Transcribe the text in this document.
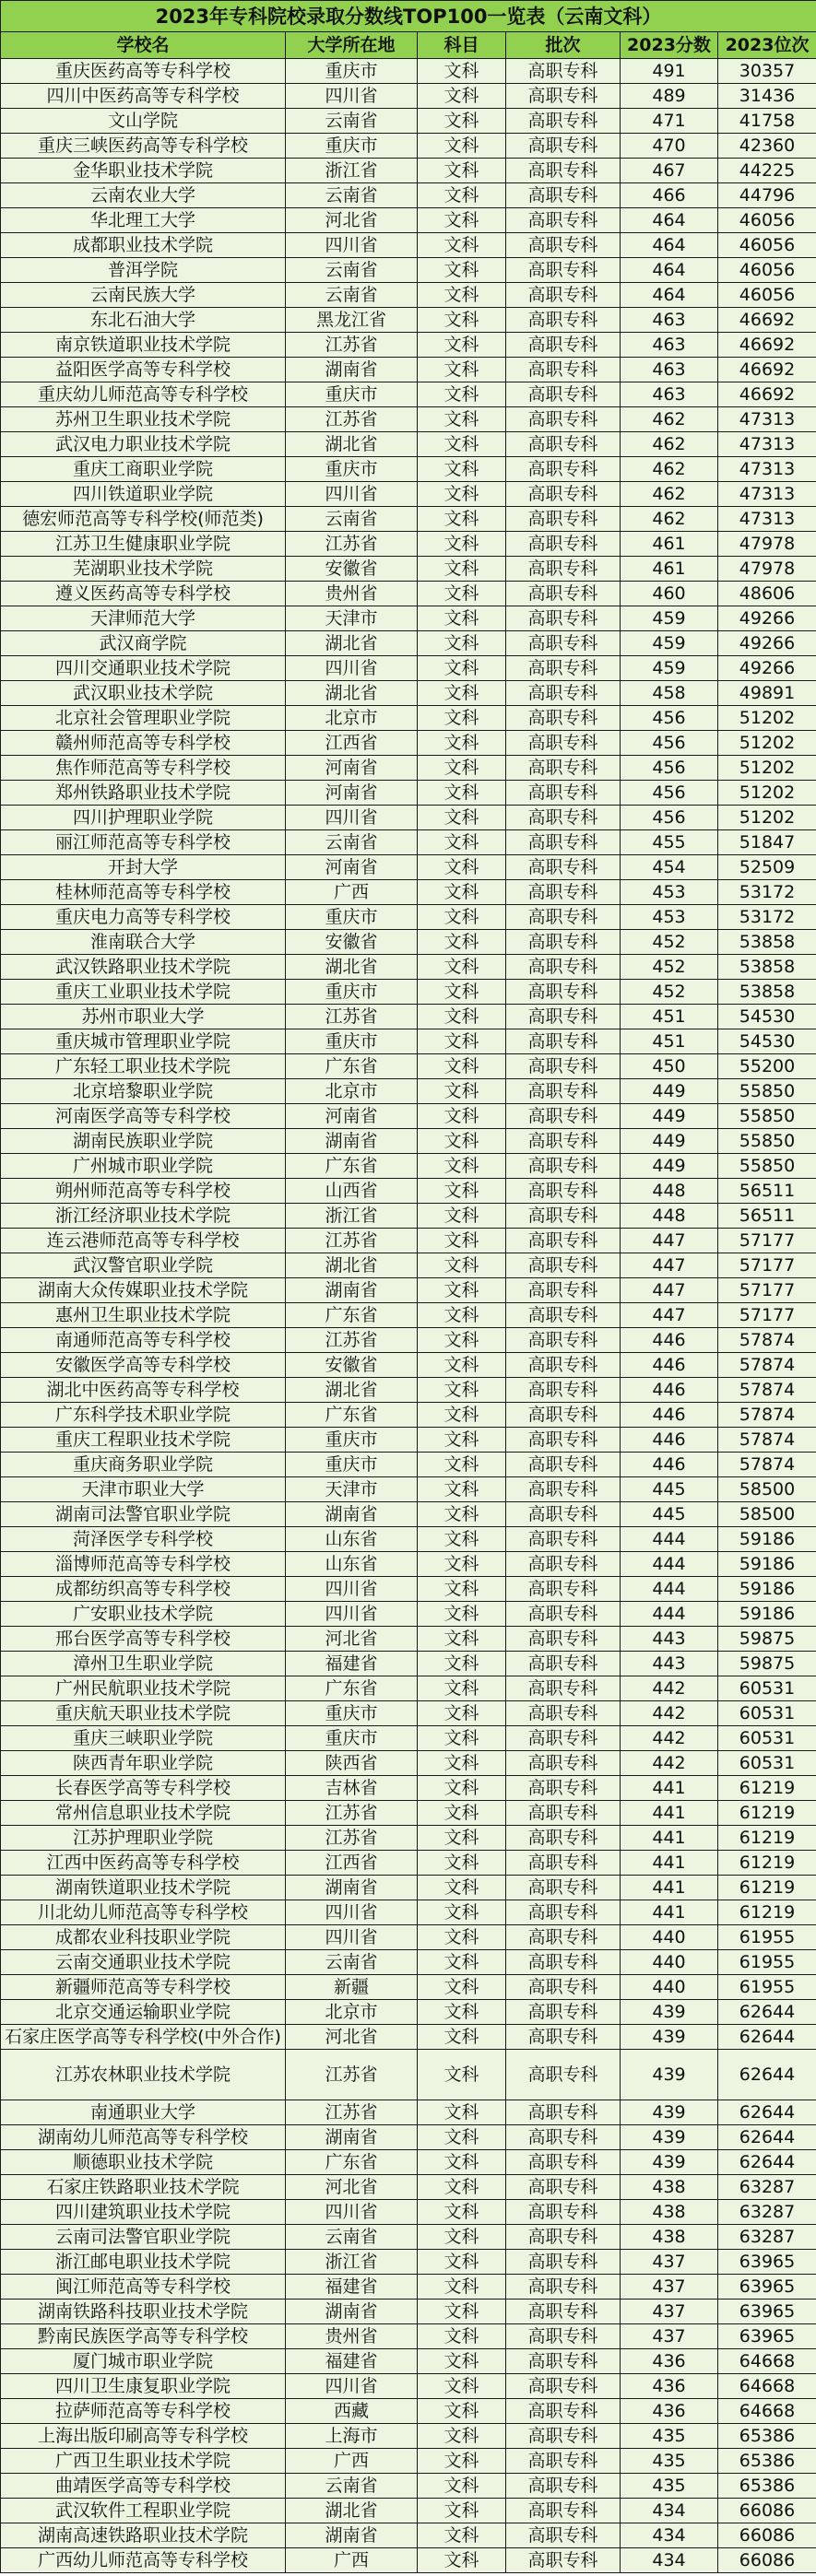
2023年专科院校录取分数线TOP100一览表（云南文科）					
学校名	大学所在地	科目	批次	2023分数	2023位次
重庆医药高等专科学校	重庆市	文科	高职专科	491	30357
四川中医药高等专科学校	四川省	文科	高职专科	489	31436
文山学院	云南省	文科	高职专科	471	41758
重庆三峡医药高等专科学校	重庆市	文科	高职专科	470	42360
金华职业技术学院	浙江省	文科	高职专科	467	44225
云南农业大学	云南省	文科	高职专科	466	44796
华北理工大学	河北省	文科	高职专科	464	46056
成都职业技术学院	四川省	文科	高职专科	464	46056
普洱学院	云南省	文科	高职专科	464	46056
云南民族大学	云南省	文科	高职专科	464	46056
东北石油大学	黑龙江省	文科	高职专科	463	46692
南京铁道职业技术学院	江苏省	文科	高职专科	463	46692
益阳医学高等专科学校	湖南省	文科	高职专科	463	46692
重庆幼儿师范高等专科学校	重庆市	文科	高职专科	463	46692
苏州卫生职业技术学院	江苏省	文科	高职专科	462	47313
武汉电力职业技术学院	湖北省	文科	高职专科	462	47313
重庆工商职业学院	重庆市	文科	高职专科	462	47313
四川铁道职业学院	四川省	文科	高职专科	462	47313
德宏师范高等专科学校(师范类)	云南省	文科	高职专科	462	47313
江苏卫生健康职业学院	江苏省	文科	高职专科	461	47978
芜湖职业技术学院	安徽省	文科	高职专科	461	47978
遵义医药高等专科学校	贵州省	文科	高职专科	460	48606
天津师范大学	天津市	文科	高职专科	459	49266
武汉商学院	湖北省	文科	高职专科	459	49266
四川交通职业技术学院	四川省	文科	高职专科	459	49266
武汉职业技术学院	湖北省	文科	高职专科	458	49891
北京社会管理职业学院	北京市	文科	高职专科	456	51202
赣州师范高等专科学校	江西省	文科	高职专科	456	51202
焦作师范高等专科学校	河南省	文科	高职专科	456	51202
郑州铁路职业技术学院	河南省	文科	高职专科	456	51202
四川护理职业学院	四川省	文科	高职专科	456	51202
丽江师范高等专科学校	云南省	文科	高职专科	455	51847
开封大学	河南省	文科	高职专科	454	52509
桂林师范高等专科学校	广西	文科	高职专科	453	53172
重庆电力高等专科学校	重庆市	文科	高职专科	453	53172
淮南联合大学	安徽省	文科	高职专科	452	53858
武汉铁路职业技术学院	湖北省	文科	高职专科	452	53858
重庆工业职业技术学院	重庆市	文科	高职专科	452	53858
苏州市职业大学	江苏省	文科	高职专科	451	54530
重庆城市管理职业学院	重庆市	文科	高职专科	451	54530
广东轻工职业技术学院	广东省	文科	高职专科	450	55200
北京培黎职业学院	北京市	文科	高职专科	449	55850
河南医学高等专科学校	河南省	文科	高职专科	449	55850
湖南民族职业学院	湖南省	文科	高职专科	449	55850
广州城市职业学院	广东省	文科	高职专科	449	55850
朔州师范高等专科学校	山西省	文科	高职专科	448	56511
浙江经济职业技术学院	浙江省	文科	高职专科	448	56511
连云港师范高等专科学校	江苏省	文科	高职专科	447	57177
武汉警官职业学院	湖北省	文科	高职专科	447	57177
湖南大众传媒职业技术学院	湖南省	文科	高职专科	447	57177
惠州卫生职业技术学院	广东省	文科	高职专科	447	57177
南通师范高等专科学校	江苏省	文科	高职专科	446	57874
安徽医学高等专科学校	安徽省	文科	高职专科	446	57874
湖北中医药高等专科学校	湖北省	文科	高职专科	446	57874
广东科学技术职业学院	广东省	文科	高职专科	446	57874
重庆工程职业技术学院	重庆市	文科	高职专科	446	57874
重庆商务职业学院	重庆市	文科	高职专科	446	57874
天津市职业大学	天津市	文科	高职专科	445	58500
湖南司法警官职业学院	湖南省	文科	高职专科	445	58500
菏泽医学专科学校	山东省	文科	高职专科	444	59186
淄博师范高等专科学校	山东省	文科	高职专科	444	59186
成都纺织高等专科学校	四川省	文科	高职专科	444	59186
广安职业技术学院	四川省	文科	高职专科	444	59186
邢台医学高等专科学校	河北省	文科	高职专科	443	59875
漳州卫生职业学院	福建省	文科	高职专科	443	59875
广州民航职业技术学院	广东省	文科	高职专科	442	60531
重庆航天职业技术学院	重庆市	文科	高职专科	442	60531
重庆三峡职业学院	重庆市	文科	高职专科	442	60531
陕西青年职业学院	陕西省	文科	高职专科	442	60531
长春医学高等专科学校	吉林省	文科	高职专科	441	61219
常州信息职业技术学院	江苏省	文科	高职专科	441	61219
江苏护理职业学院	江苏省	文科	高职专科	441	61219
江西中医药高等专科学校	江西省	文科	高职专科	441	61219
湖南铁道职业技术学院	湖南省	文科	高职专科	441	61219
川北幼儿师范高等专科学校	四川省	文科	高职专科	441	61219
成都农业科技职业学院	四川省	文科	高职专科	440	61955
云南交通职业技术学院	云南省	文科	高职专科	440	61955
新疆师范高等专科学校	新疆	文科	高职专科	440	61955
北京交通运输职业学院	北京市	文科	高职专科	439	62644
石家庄医学高等专科学校(中外合作)	河北省	文科	高职专科	439	62644
江苏农林职业技术学院	江苏省	文科	高职专科	439	62644
南通职业大学	江苏省	文科	高职专科	439	62644
湖南幼儿师范高等专科学校	湖南省	文科	高职专科	439	62644
顺德职业技术学院	广东省	文科	高职专科	439	62644
石家庄铁路职业技术学院	河北省	文科	高职专科	438	63287
四川建筑职业技术学院	四川省	文科	高职专科	438	63287
云南司法警官职业学院	云南省	文科	高职专科	438	63287
浙江邮电职业技术学院	浙江省	文科	高职专科	437	63965
闽江师范高等专科学校	福建省	文科	高职专科	437	63965
湖南铁路科技职业技术学院	湖南省	文科	高职专科	437	63965
黔南民族医学高等专科学校	贵州省	文科	高职专科	437	63965
厦门城市职业学院	福建省	文科	高职专科	436	64668
四川卫生康复职业学院	四川省	文科	高职专科	436	64668
拉萨师范高等专科学校	西藏	文科	高职专科	436	64668
上海出版印刷高等专科学校	上海市	文科	高职专科	435	65386
广西卫生职业技术学院	广西	文科	高职专科	435	65386
曲靖医学高等专科学校	云南省	文科	高职专科	435	65386
武汉软件工程职业学院	湖北省	文科	高职专科	434	66086
湖南高速铁路职业技术学院	湖南省	文科	高职专科	434	66086
广西幼儿师范高等专科学校	广西	文科	高职专科	434	66086
